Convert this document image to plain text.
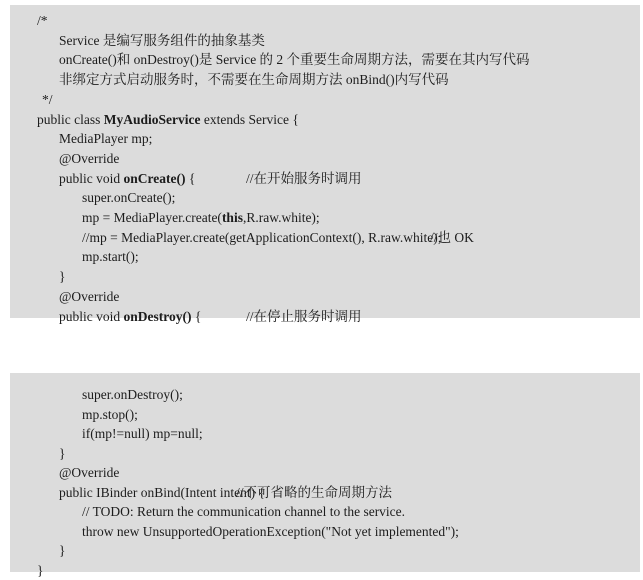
/*
Service 是编写服务组件的抽象基类
onCreate()和 onDestroy()是 Service 的 2 个重要生命周期方法，需要在其内写代码
非绑定方式启动服务时，不需要在生命周期方法 onBind()内写代码
*/
public class MyAudioService extends Service {
MediaPlayer mp;
@Override
public void onCreate() {	//在开始服务时调用
super.onCreate();
mp = MediaPlayer.create(this,R.raw.white);
//mp = MediaPlayer.create(getApplicationContext(), R.raw.white);
//也 OK
mp.start();
}
@Override
public void onDestroy() {	//在停止服务时调用
super.onDestroy();
mp.stop();
if(mp!=null) mp=null;
}
@Override
public IBinder onBind(Intent intent) {
//不可省略的生命周期方法
// TODO: Return the communication channel to the service.
throw new UnsupportedOperationException("Not yet implemented");
}
}
